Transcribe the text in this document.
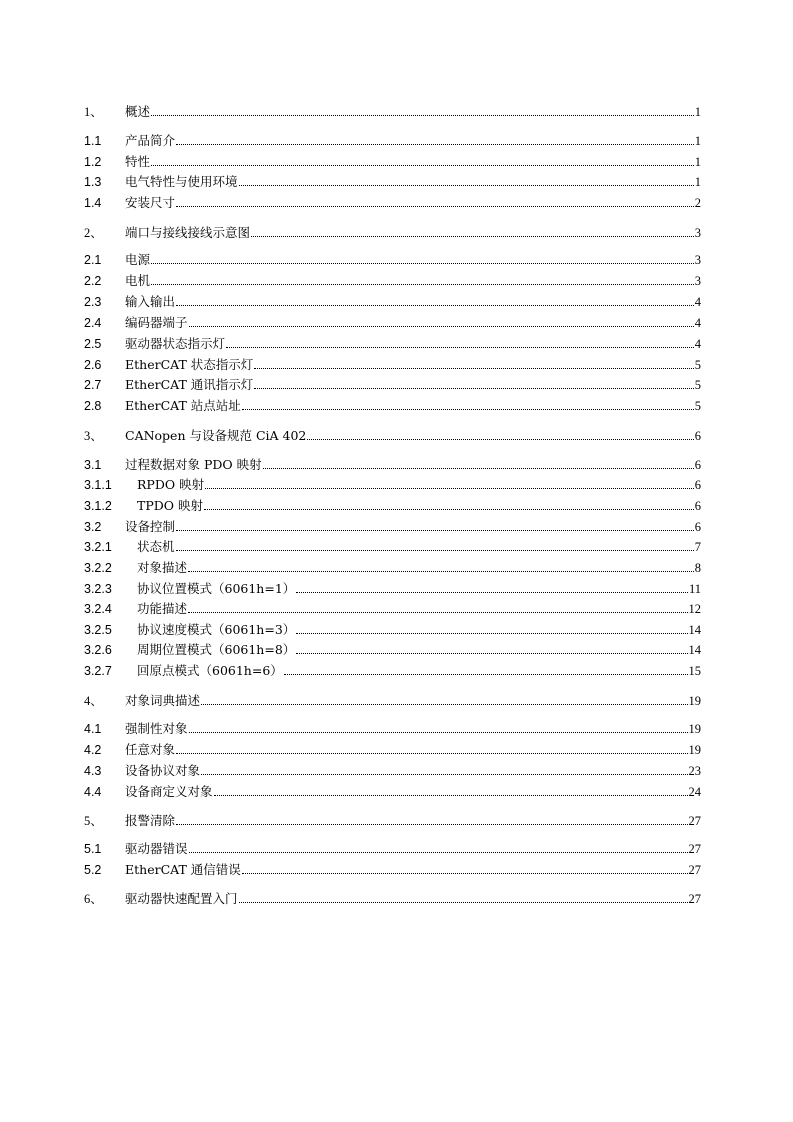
1、	概述	1
1.1	产品简介	1
1.2	特性	1
1.3	电气特性与使用环境	1
1.4	安装尺寸	2
2、	端口与接线接线示意图	3
2.1	电源	3
2.2	电机	3
2.3	输入输出	4
2.4	编码器端子	4
2.5	驱动器状态指示灯	4
2.6	EtherCAT 状态指示灯	5
2.7	EtherCAT 通讯指示灯	5
2.8	EtherCAT 站点站址	5
3、	CANopen 与设备规范 CiA 402	6
3.1	过程数据对象 PDO 映射	6
3.1.1	RPDO 映射	6
3.1.2	TPDO 映射	6
3.2	设备控制	6
3.2.1	状态机	7
3.2.2	对象描述	8
3.2.3	协议位置模式（6061h=1）	11
3.2.4	功能描述	12
3.2.5	协议速度模式（6061h=3）	14
3.2.6	周期位置模式（6061h=8）	14
3.2.7	回原点模式（6061h=6）	15
4、	对象词典描述	19
4.1	强制性对象	19
4.2	任意对象	19
4.3	设备协议对象	23
4.4	设备商定义对象	24
5、	报警清除	27
5.1	驱动器错误	27
5.2	EtherCAT 通信错误	27
6、	驱动器快速配置入门	27
